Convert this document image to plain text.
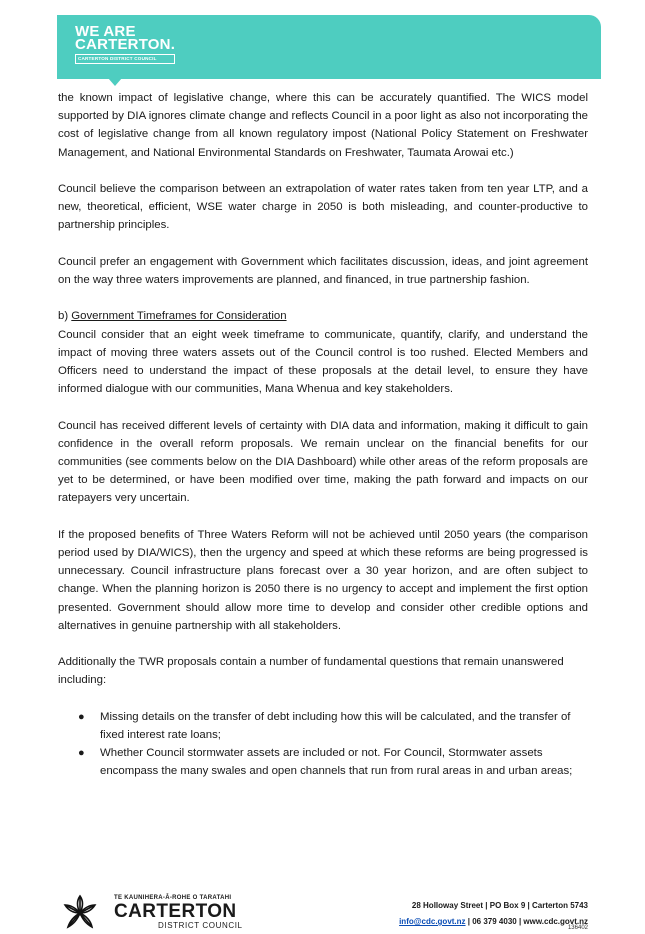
WE ARE
CARTERTON.
CARTERTON DISTRICT COUNCIL

the known impact of legislative change, where this can be accurately quantified. The WICS model supported by DIA ignores climate change and reflects Council in a poor light as also not incorporating the cost of legislative change from all known regulatory impost (National Policy Statement on Freshwater Management, and National Environmental Standards on Freshwater, Taumata Arowai etc.)

Council believe the comparison between an extrapolation of water rates taken from ten year LTP, and a new, theoretical, efficient, WSE water charge in 2050 is both misleading, and counter-productive to partnership principles.

Council prefer an engagement with Government which facilitates discussion, ideas, and joint agreement on the way three waters improvements are planned, and financed, in true partnership fashion.

b) Government Timeframes for Consideration

Council consider that an eight week timeframe to communicate, quantify, clarify, and understand the impact of moving three waters assets out of the Council control is too rushed. Elected Members and Officers need to understand the impact of these proposals at the detail level, to ensure they have informed dialogue with our communities, Mana Whenua and key stakeholders.

Council has received different levels of certainty with DIA data and information, making it difficult to gain confidence in the overall reform proposals. We remain unclear on the financial benefits for our communities (see comments below on the DIA Dashboard) while other areas of the reform proposals are yet to be determined, or have been modified over time, making the path forward and impacts on our ratepayers very uncertain.

If the proposed benefits of Three Waters Reform will not be achieved until 2050 years (the comparison period used by DIA/WICS), then the urgency and speed at which these reforms are being progressed is unnecessary. Council infrastructure plans forecast over a 30 year horizon, and are often subject to change. When the planning horizon is 2050 there is no urgency to accept and implement the first option presented. Government should allow more time to develop and consider other credible options and alternatives in genuine partnership with all stakeholders.

Additionally the TWR proposals contain a number of fundamental questions that remain unanswered including:

● Missing details on the transfer of debt including how this will be calculated, and the transfer of fixed interest rate loans;
● Whether Council stormwater assets are included or not. For Council, Stormwater assets encompass the many swales and open channels that run from rural areas in and urban areas;
TE KAUNIHERA-Ā-ROHE O TARATAHI
CARTERTON
DISTRICT COUNCIL
28 Holloway Street | PO Box 9 | Carterton 5743
info@cdc.govt.nz | 06 379 4030 | www.cdc.govt.nz
136402
